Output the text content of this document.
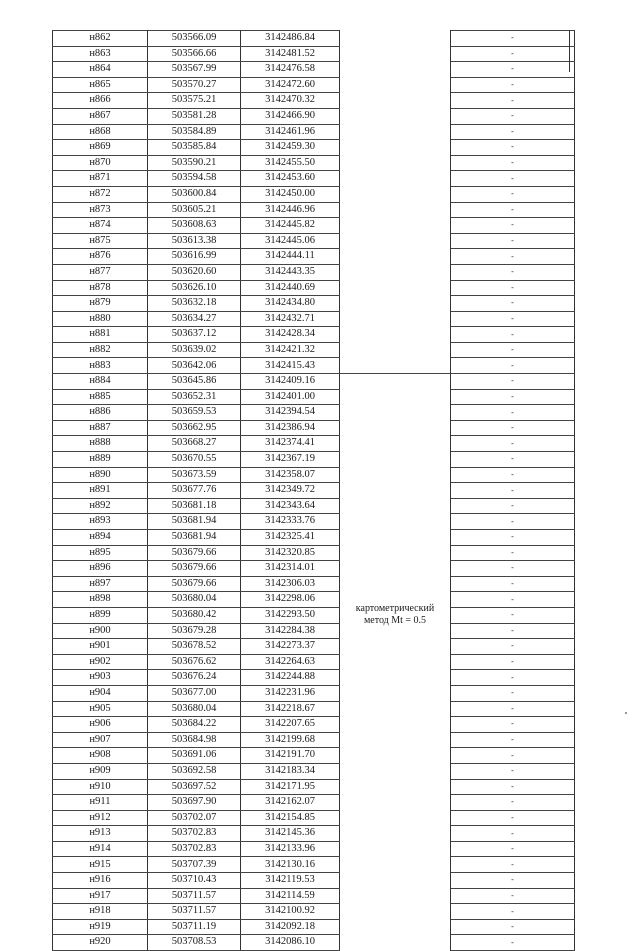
н862	503566.09	3142486.84		-
н863	503566.66	3142481.52		-
н864	503567.99	3142476.58		-
н865	503570.27	3142472.60		-
н866	503575.21	3142470.32		-
н867	503581.28	3142466.90		-
н868	503584.89	3142461.96		-
н869	503585.84	3142459.30		-
н870	503590.21	3142455.50		-
н871	503594.58	3142453.60		-
н872	503600.84	3142450.00		-
н873	503605.21	3142446.96		-
н874	503608.63	3142445.82		-
н875	503613.38	3142445.06		-
н876	503616.99	3142444.11		-
н877	503620.60	3142443.35		-
н878	503626.10	3142440.69		-
н879	503632.18	3142434.80		-
н880	503634.27	3142432.71		-
н881	503637.12	3142428.34		-
н882	503639.02	3142421.32		-
н883	503642.06	3142415.43		-
н884	503645.86	3142409.16		-
н885	503652.31	3142401.00		-
н886	503659.53	3142394.54		-
н887	503662.95	3142386.94		-
н888	503668.27	3142374.41		-
н889	503670.55	3142367.19		-
н890	503673.59	3142358.07		-
н891	503677.76	3142349.72		-
н892	503681.18	3142343.64		-
н893	503681.94	3142333.76		-
н894	503681.94	3142325.41		-
н895	503679.66	3142320.85		-
н896	503679.66	3142314.01		-
н897	503679.66	3142306.03		-
н898	503680.04	3142298.06		-
н899	503680.42	3142293.50		-
н900	503679.28	3142284.38		-
н901	503678.52	3142273.37		-
н902	503676.62	3142264.63		-
н903	503676.24	3142244.88		-
н904	503677.00	3142231.96		-
н905	503680.04	3142218.67		-
н906	503684.22	3142207.65		-
н907	503684.98	3142199.68		-
н908	503691.06	3142191.70		-
н909	503692.58	3142183.34		-
н910	503697.52	3142171.95		-
н911	503697.90	3142162.07		-
н912	503702.07	3142154.85		-
н913	503702.83	3142145.36		-
н914	503702.83	3142133.96		-
н915	503707.39	3142130.16		-
н916	503710.43	3142119.53		-
н917	503711.57	3142114.59		-
н918	503711.57	3142100.92		-
н919	503711.19	3142092.18		-
н920	503708.53	3142086.10		-
картометрический
метод Mt = 0.5
